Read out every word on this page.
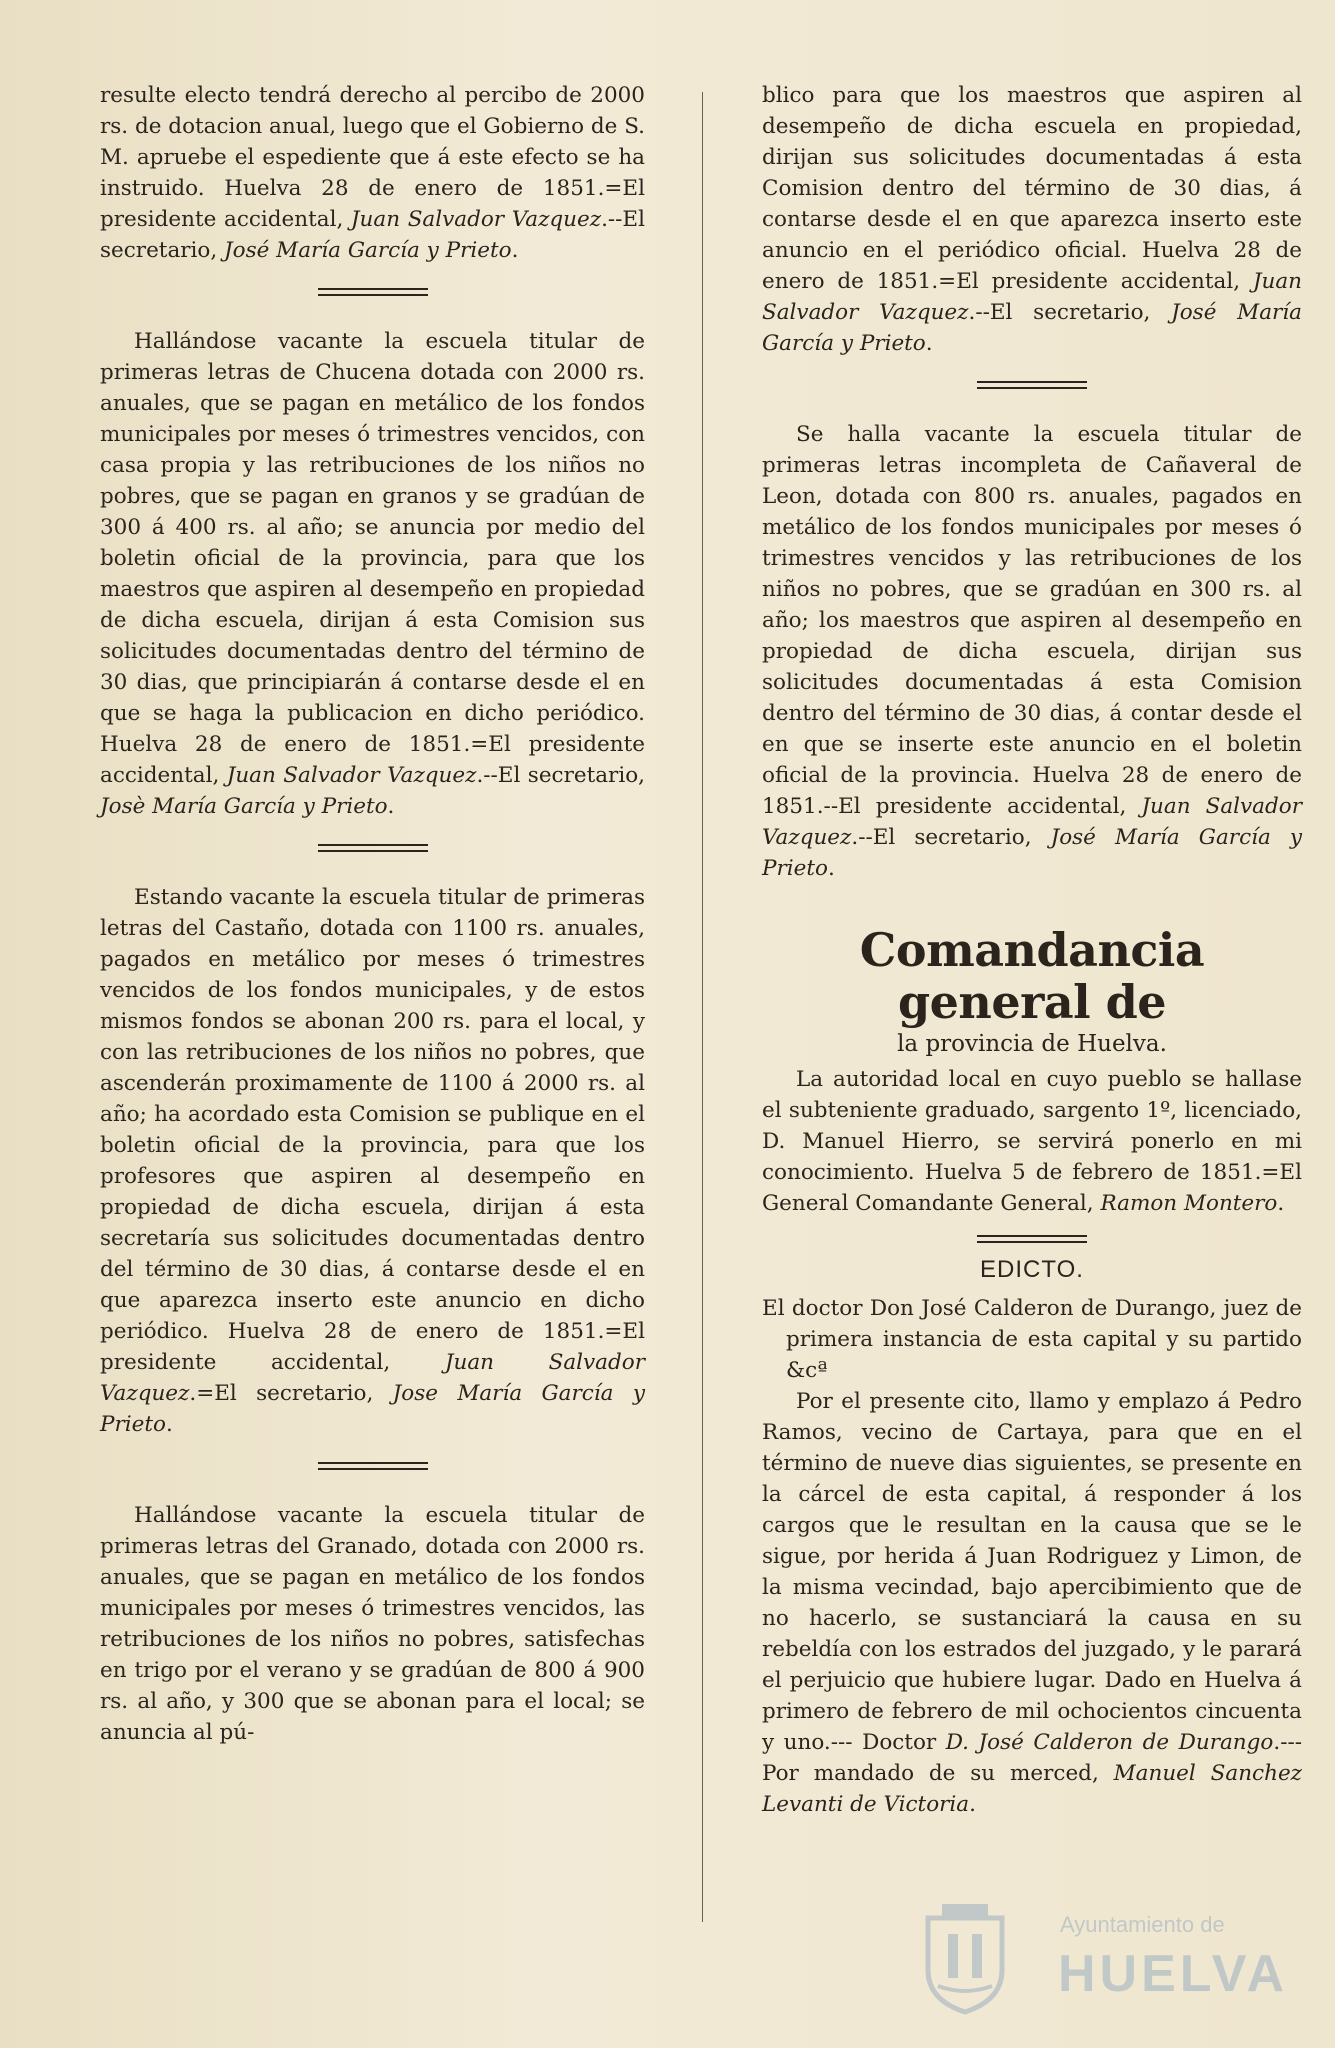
resulte electo tendrá derecho al percibo de 2000 rs. de dotacion anual, luego que el Gobierno de S. M. apruebe el espediente que á este efecto se ha instruido. Huelva 28 de enero de 1851.=El presidente accidental, Juan Salvador Vazquez.--El secretario, José María García y Prieto.

Hallándose vacante la escuela titular de primeras letras de Chucena dotada con 2000 rs. anuales, que se pagan en metálico de los fondos municipales por meses ó trimestres vencidos, con casa propia y las retribuciones de los niños no pobres, que se pagan en granos y se gradúan de 300 á 400 rs. al año; se anuncia por medio del boletin oficial de la provincia, para que los maestros que aspiren al desempeño en propiedad de dicha escuela, dirijan á esta Comision sus solicitudes documentadas dentro del término de 30 dias, que principiarán á contarse desde el en que se haga la publicacion en dicho periódico. Huelva 28 de enero de 1851.=El presidente accidental, Juan Salvador Vazquez.--El secretario, Josè María García y Prieto.

Estando vacante la escuela titular de primeras letras del Castaño, dotada con 1100 rs. anuales, pagados en metálico por meses ó trimestres vencidos de los fondos municipales, y de estos mismos fondos se abonan 200 rs. para el local, y con las retribuciones de los niños no pobres, que ascenderán proximamente de 1100 á 2000 rs. al año; ha acordado esta Comision se publique en el boletin oficial de la provincia, para que los profesores que aspiren al desempeño en propiedad de dicha escuela, dirijan á esta secretaría sus solicitudes documentadas dentro del término de 30 dias, á contarse desde el en que aparezca inserto este anuncio en dicho periódico. Huelva 28 de enero de 1851.=El presidente accidental, Juan Salvador Vazquez.=El secretario, Jose María García y Prieto.

Hallándose vacante la escuela titular de primeras letras del Granado, dotada con 2000 rs. anuales, que se pagan en metálico de los fondos municipales por meses ó trimestres vencidos, las retribuciones de los niños no pobres, satisfechas en trigo por el verano y se gradúan de 800 á 900 rs. al año, y 300 que se abonan para el local; se anuncia al pú-

blico para que los maestros que aspiren al desempeño de dicha escuela en propiedad, dirijan sus solicitudes documentadas á esta Comision dentro del término de 30 dias, á contarse desde el en que aparezca inserto este anuncio en el periódico oficial. Huelva 28 de enero de 1851.=El presidente accidental, Juan Salvador Vazquez.--El secretario, José María García y Prieto.

Se halla vacante la escuela titular de primeras letras incompleta de Cañaveral de Leon, dotada con 800 rs. anuales, pagados en metálico de los fondos municipales por meses ó trimestres vencidos y las retribuciones de los niños no pobres, que se gradúan en 300 rs. al año; los maestros que aspiren al desempeño en propiedad de dicha escuela, dirijan sus solicitudes documentadas á esta Comision dentro del término de 30 dias, á contar desde el en que se inserte este anuncio en el boletin oficial de la provincia. Huelva 28 de enero de 1851.--El presidente accidental, Juan Salvador Vazquez.--El secretario, José María García y Prieto.

Comandancia general de
la provincia de Huelva.

La autoridad local en cuyo pueblo se hallase el subteniente graduado, sargento 1º, licenciado, D. Manuel Hierro, se servirá ponerlo en mi conocimiento. Huelva 5 de febrero de 1851.=El General Comandante General, Ramon Montero.

EDICTO.

El doctor Don José Calderon de Durango, juez de primera instancia de esta capital y su partido &cª

Por el presente cito, llamo y emplazo á Pedro Ramos, vecino de Cartaya, para que en el término de nueve dias siguientes, se presente en la cárcel de esta capital, á responder á los cargos que le resultan en la causa que se le sigue, por herida á Juan Rodriguez y Limon, de la misma vecindad, bajo apercibimiento que de no hacerlo, se sustanciará la causa en su rebeldía con los estrados del juzgado, y le parará el perjuicio que hubiere lugar. Dado en Huelva á primero de febrero de mil ochocientos cincuenta y uno.--- Doctor D. José Calderon de Durango.---Por mandado de su merced, Manuel Sanchez Levanti de Victoria.

Ayuntamiento de
HUELVA
